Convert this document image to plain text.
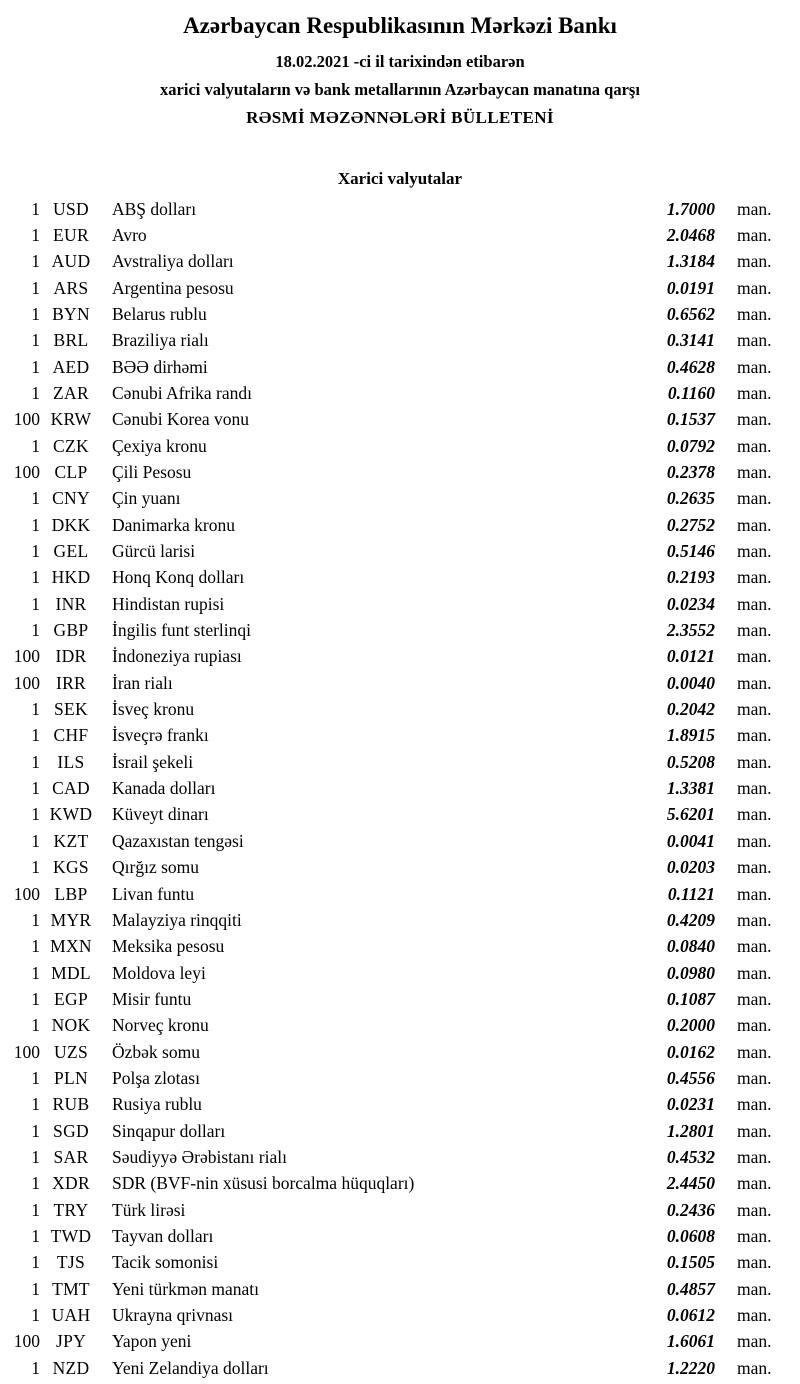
Azərbaycan Respublikasının Mərkəzi Bankı
18.02.2021 -ci il tarixindən etibarən
xarici valyutaların və bank metallarının Azərbaycan manatına qarşı
RƏSMİ MƏZƏNNƏLƏRİ BÜLLETENİ
Xarici valyutalar
1 USD	ABŞ dolları	1.7000	man.
1 EUR	Avro	2.0468	man.
1 AUD	Avstraliya dolları	1.3184	man.
1 ARS	Argentina pesosu	0.0191	man.
1 BYN	Belarus rublu	0.6562	man.
1 BRL	Braziliya rialı	0.3141	man.
1 AED	BƏƏ dirhəmi	0.4628	man.
1 ZAR	Cənubi Afrika randı	0.1160	man.
100 KRW	Cənubi Korea vonu	0.1537	man.
1 CZK	Çexiya kronu	0.0792	man.
100 CLP	Çili Pesosu	0.2378	man.
1 CNY	Çin yuanı	0.2635	man.
1 DKK	Danimarka kronu	0.2752	man.
1 GEL	Gürcü larisi	0.5146	man.
1 HKD	Honq Konq dolları	0.2193	man.
1 INR	Hindistan rupisi	0.0234	man.
1 GBP	İngilis funt sterlinqi	2.3552	man.
100 IDR	İndoneziya rupiası	0.0121	man.
100 IRR	İran rialı	0.0040	man.
1 SEK	İsveç kronu	0.2042	man.
1 CHF	İsveçrə frankı	1.8915	man.
1 ILS	İsrail şekeli	0.5208	man.
1 CAD	Kanada dolları	1.3381	man.
1 KWD	Küveyt dinarı	5.6201	man.
1 KZT	Qazaxıstan tengəsi	0.0041	man.
1 KGS	Qırğız somu	0.0203	man.
100 LBP	Livan funtu	0.1121	man.
1 MYR	Malayziya rinqqiti	0.4209	man.
1 MXN	Meksika pesosu	0.0840	man.
1 MDL	Moldova leyi	0.0980	man.
1 EGP	Misir funtu	0.1087	man.
1 NOK	Norveç kronu	0.2000	man.
100 UZS	Özbək somu	0.0162	man.
1 PLN	Polşa zlotası	0.4556	man.
1 RUB	Rusiya rublu	0.0231	man.
1 SGD	Sinqapur dolları	1.2801	man.
1 SAR	Səudiyyə Ərəbistanı rialı	0.4532	man.
1 XDR	SDR (BVF-nin xüsusi borcalma hüquqları)	2.4450	man.
1 TRY	Türk lirəsi	0.2436	man.
1 TWD	Tayvan dolları	0.0608	man.
1 TJS	Tacik somonisi	0.1505	man.
1 TMT	Yeni türkmən manatı	0.4857	man.
1 UAH	Ukrayna qrivnası	0.0612	man.
100 JPY	Yapon yeni	1.6061	man.
1 NZD	Yeni Zelandiya dolları	1.2220	man.
